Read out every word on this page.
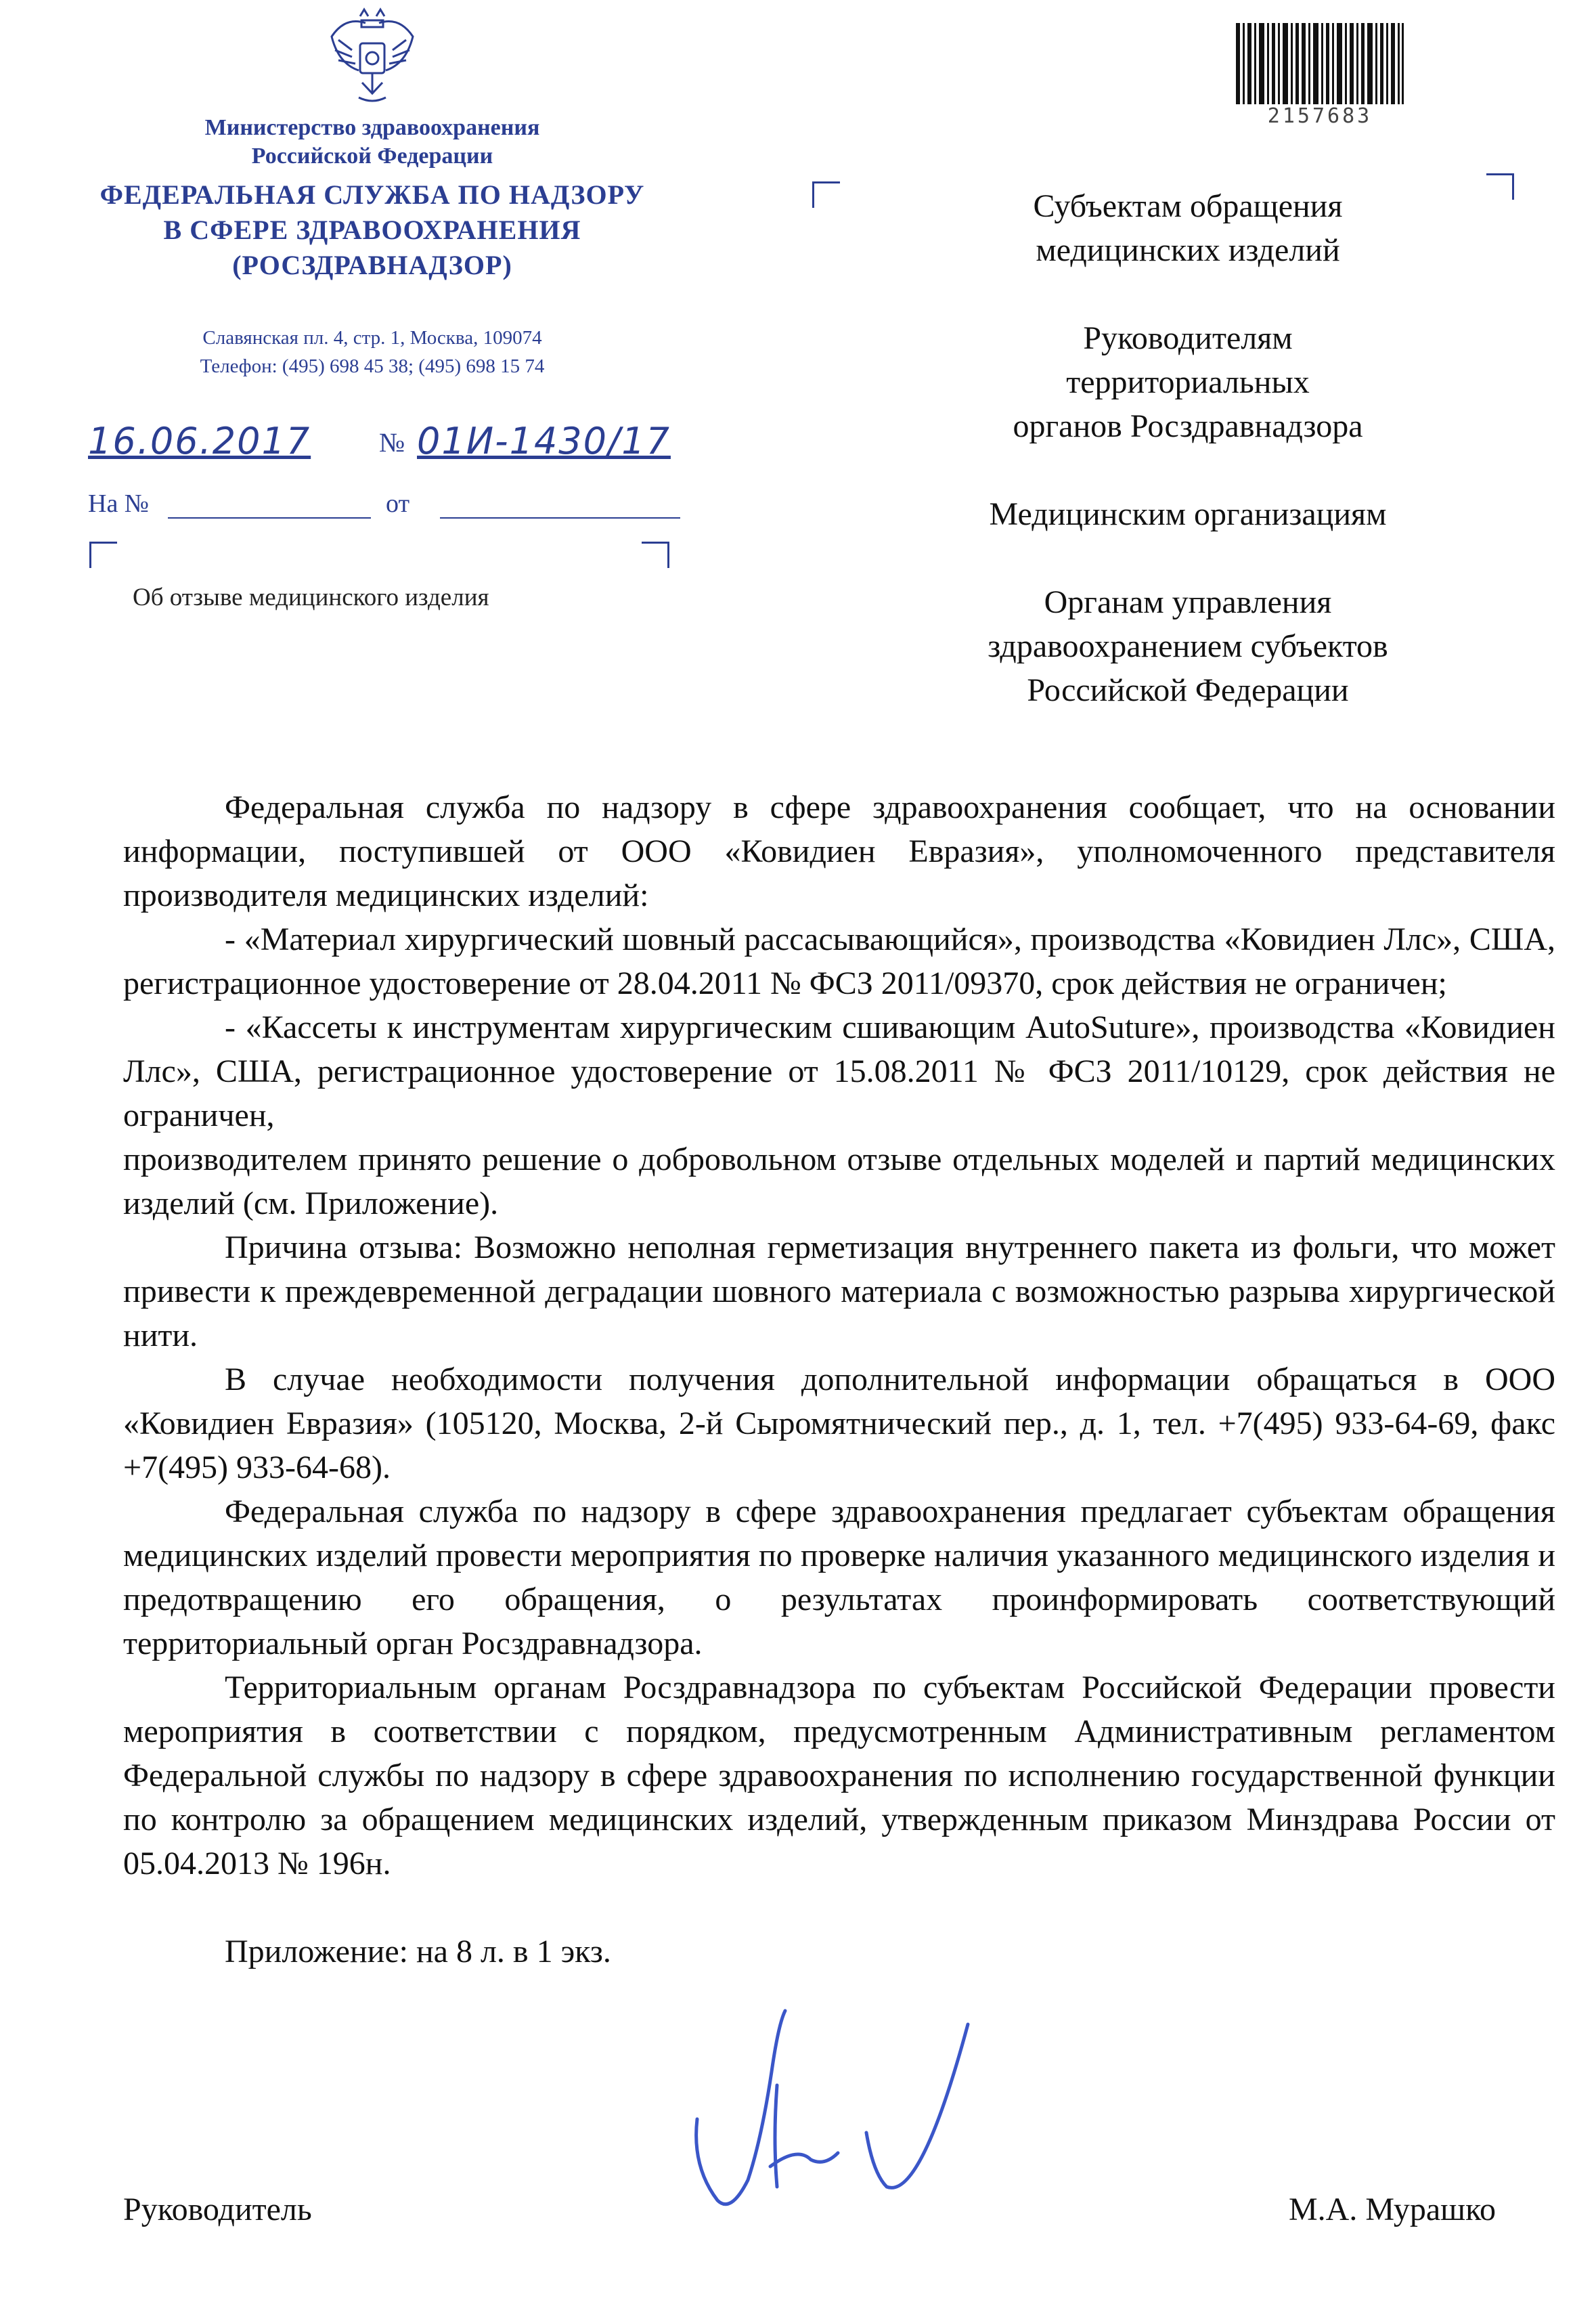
Министерство здравоохранения
Российской Федерации
ФЕДЕРАЛЬНАЯ СЛУЖБА ПО НАДЗОРУ
В СФЕРЕ ЗДРАВООХРАНЕНИЯ
(РОСЗДРАВНАДЗОР)
Славянская пл. 4, стр. 1, Москва, 109074
Телефон: (495) 698 45 38; (495) 698 15 74
16.06.2017	№ 01И-1430/17
На №	от
Об отзыве медицинского изделия
2157683
Субъектам обращения
медицинских изделий
Руководителям
территориальных
органов Росздравнадзора
Медицинским организациям
Органам управления
здравоохранением субъектов
Российской Федерации

Федеральная служба по надзору в сфере здравоохранения сообщает, что на основании информации, поступившей от ООО «Ковидиен Евразия», уполномоченного представителя производителя медицинских изделий:

- «Материал хирургический шовный рассасывающийся», производства «Ковидиен Ллс», США, регистрационное удостоверение от 28.04.2011 № ФСЗ 2011/09370, срок действия не ограничен;

- «Кассеты к инструментам хирургическим сшивающим AutoSuture», производства «Ковидиен Ллс», США, регистрационное удостоверение от 15.08.2011 № ФСЗ 2011/10129, срок действия не ограничен,

производителем принято решение о добровольном отзыве отдельных моделей и партий медицинских изделий (см. Приложение).

Причина отзыва: Возможно неполная герметизация внутреннего пакета из фольги, что может привести к преждевременной деградации шовного материала с возможностью разрыва хирургической нити.

В случае необходимости получения дополнительной информации обращаться в ООО «Ковидиен Евразия» (105120, Москва, 2-й Сыромятнический пер., д. 1, тел. +7(495) 933-64-69, факс +7(495) 933-64-68).

Федеральная служба по надзору в сфере здравоохранения предлагает субъектам обращения медицинских изделий провести мероприятия по проверке наличия указанного медицинского изделия и предотвращению его обращения, о результатах проинформировать соответствующий территориальный орган Росздравнадзора.

Территориальным органам Росздравнадзора по субъектам Российской Федерации провести мероприятия в соответствии с порядком, предусмотренным Административным регламентом Федеральной службы по надзору в сфере здравоохранения по исполнению государственной функции по контролю за обращением медицинских изделий, утвержденным приказом Минздрава России от 05.04.2013 № 196н.

Приложение: на 8 л. в 1 экз.

Руководитель	М.А. Мурашко
